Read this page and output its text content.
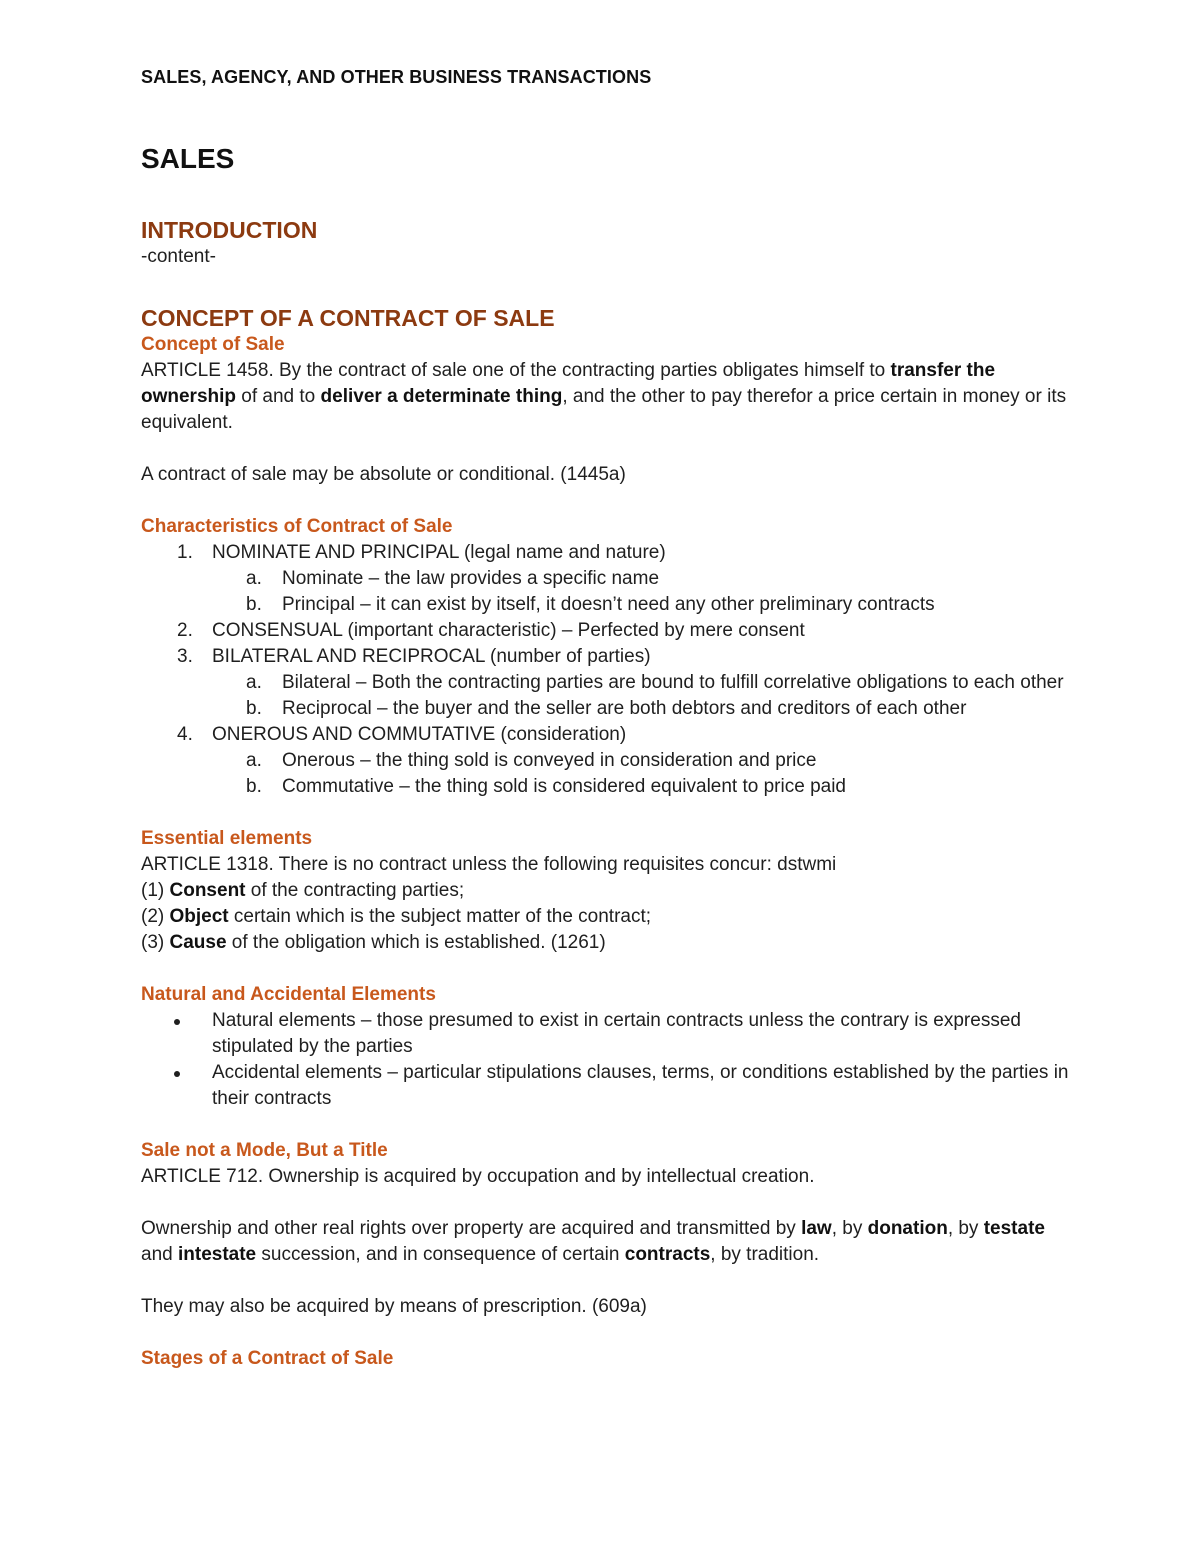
SALES, AGENCY, AND OTHER BUSINESS TRANSACTIONS
SALES
INTRODUCTION

-content-

CONCEPT OF A CONTRACT OF SALE
Concept of Sale

ARTICLE 1458. By the contract of sale one of the contracting parties obligates himself to transfer the ownership of and to deliver a determinate thing, and the other to pay therefor a price certain in money or its equivalent.

A contract of sale may be absolute or conditional. (1445a)

Characteristics of Contract of Sale
1. NOMINATE AND PRINCIPAL (legal name and nature)
a. Nominate – the law provides a specific name
b. Principal – it can exist by itself, it doesn’t need any other preliminary contracts
2. CONSENSUAL (important characteristic) – Perfected by mere consent
3. BILATERAL AND RECIPROCAL (number of parties)
a. Bilateral – Both the contracting parties are bound to fulfill correlative obligations to each other
b. Reciprocal – the buyer and the seller are both debtors and creditors of each other
4. ONEROUS AND COMMUTATIVE (consideration)
a. Onerous – the thing sold is conveyed in consideration and price
b. Commutative – the thing sold is considered equivalent to price paid
Essential elements

ARTICLE 1318. There is no contract unless the following requisites concur: dstwmi

(1) Consent of the contracting parties;

(2) Object certain which is the subject matter of the contract;

(3) Cause of the obligation which is established. (1261)

Natural and Accidental Elements
Natural elements – those presumed to exist in certain contracts unless the contrary is expressed stipulated by the parties
Accidental elements – particular stipulations clauses, terms, or conditions established by the parties in their contracts
Sale not a Mode, But a Title

ARTICLE 712. Ownership is acquired by occupation and by intellectual creation.

Ownership and other real rights over property are acquired and transmitted by law, by donation, by testate and intestate succession, and in consequence of certain contracts, by tradition.

They may also be acquired by means of prescription. (609a)

Stages of a Contract of Sale
